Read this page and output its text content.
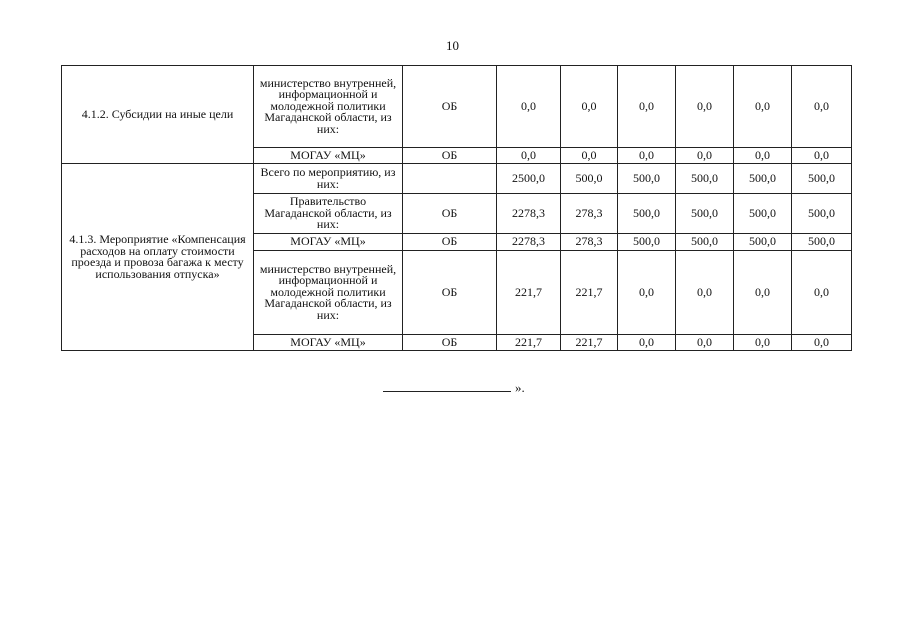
10
4.1.2. Субсидии на иные цели	министерство внутренней, информационной и молодежной политики Магаданской области, из них:	ОБ	0,0	0,0	0,0	0,0	0,0	0,0
	МОГАУ «МЦ»	ОБ	0,0	0,0	0,0	0,0	0,0	0,0
4.1.3. Мероприятие «Компенсация расходов на оплату стоимости проезда и провоза багажа к месту использования отпуска»	Всего по мероприятию, из них:		2500,0	500,0	500,0	500,0	500,0	500,0
	Правительство Магаданской области, из них:	ОБ	2278,3	278,3	500,0	500,0	500,0	500,0
	МОГАУ «МЦ»	ОБ	2278,3	278,3	500,0	500,0	500,0	500,0
	министерство внутренней, информационной и молодежной политики Магаданской области, из них:	ОБ	221,7	221,7	0,0	0,0	0,0	0,0
	МОГАУ «МЦ»	ОБ	221,7	221,7	0,0	0,0	0,0	0,0
».
